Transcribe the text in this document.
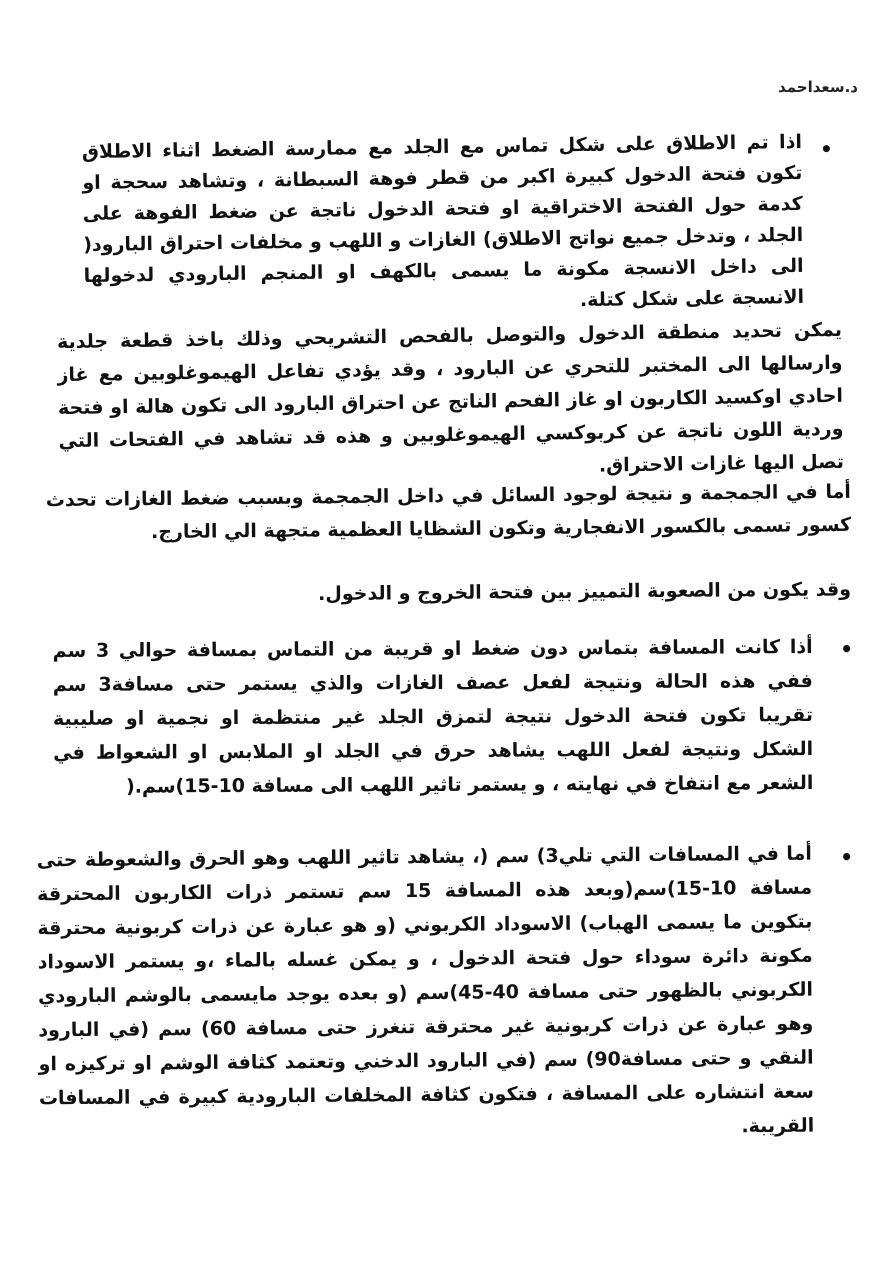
د.سعداحمد
•
اذا تم الاطلاق على شكل تماس مع الجلد مع ممارسة الضغط اثناء الاطلاق تكون فتحة الدخول كبيرة اكبر من قطر فوهة السبطانة ، وتشاهد سحجة او كدمة حول الفتحة الاختراقية او فتحة الدخول ناتجة عن ضغط الفوهة على الجلد ، وتدخل جميع نواتج الاطلاق) الغازات و اللهب و مخلفات احتراق البارود( الى داخل الانسجة مكونة ما يسمى بالكهف او المنجم البارودي لدخولها الانسجة على شكل كتلة.
يمكن تحديد منطقة الدخول والتوصل بالفحص التشريحي وذلك باخذ قطعة جلدية وارسالها الى المختبر للتحري عن البارود ، وقد يؤدي تفاعل الهيموغلوبين مع غاز احادي اوكسيد الكاربون او غاز الفحم الناتج عن احتراق البارود الى تكون هالة او فتحة وردية اللون ناتجة عن كربوكسي الهيموغلوبين و هذه قد تشاهد في الفتحات التي تصل اليها غازات الاحتراق.
أما في الجمجمة و نتيجة لوجود السائل في داخل الجمجمة وبسبب ضغط الغازات تحدث كسور تسمى بالكسور الانفجارية وتكون الشظايا العظمية متجهة الي الخارج.
وقد يكون من الصعوبة التمييز بين فتحة الخروج و الدخول.
•
أذا كانت المسافة بتماس دون ضغط او قريبة من التماس بمسافة حوالي 3 سم ففي هذه الحالة ونتيجة لفعل عصف الغازات والذي يستمر حتى مسافة3 سم تقريبا تكون فتحة الدخول نتيجة لتمزق الجلد غير منتظمة او نجمية او صليبية الشكل ونتيجة لفعل اللهب يشاهد حرق في الجلد او الملابس او الشعواط في الشعر مع انتفاخ في نهايته ، و يستمر تاثير اللهب الى مسافة 10-15)سم.(
•
أما في المسافات التي تلي3) سم (، يشاهد تاثير اللهب وهو الحرق والشعوطة حتى مسافة 10-15)سم(وبعد هذه المسافة 15 سم تستمر ذرات الكاربون المحترقة بتكوين ما يسمى الهباب) الاسوداد الكربوني (و هو عبارة عن ذرات كربونية محترقة مكونة دائرة سوداء حول فتحة الدخول ، و يمكن غسله بالماء ،و يستمر الاسوداد الكربوني بالظهور حتى مسافة 40-45)سم (و بعده يوجد مايسمى بالوشم البارودي وهو عبارة عن ذرات كربونية غير محترقة تنغرز حتى مسافة 60) سم (في البارود النقي و حتى مسافة90) سم (في البارود الدخني وتعتمد كثافة الوشم او تركيزه او سعة انتشاره على المسافة ، فتكون كثافة المخلفات البارودية كبيرة في المسافات القريبة.
